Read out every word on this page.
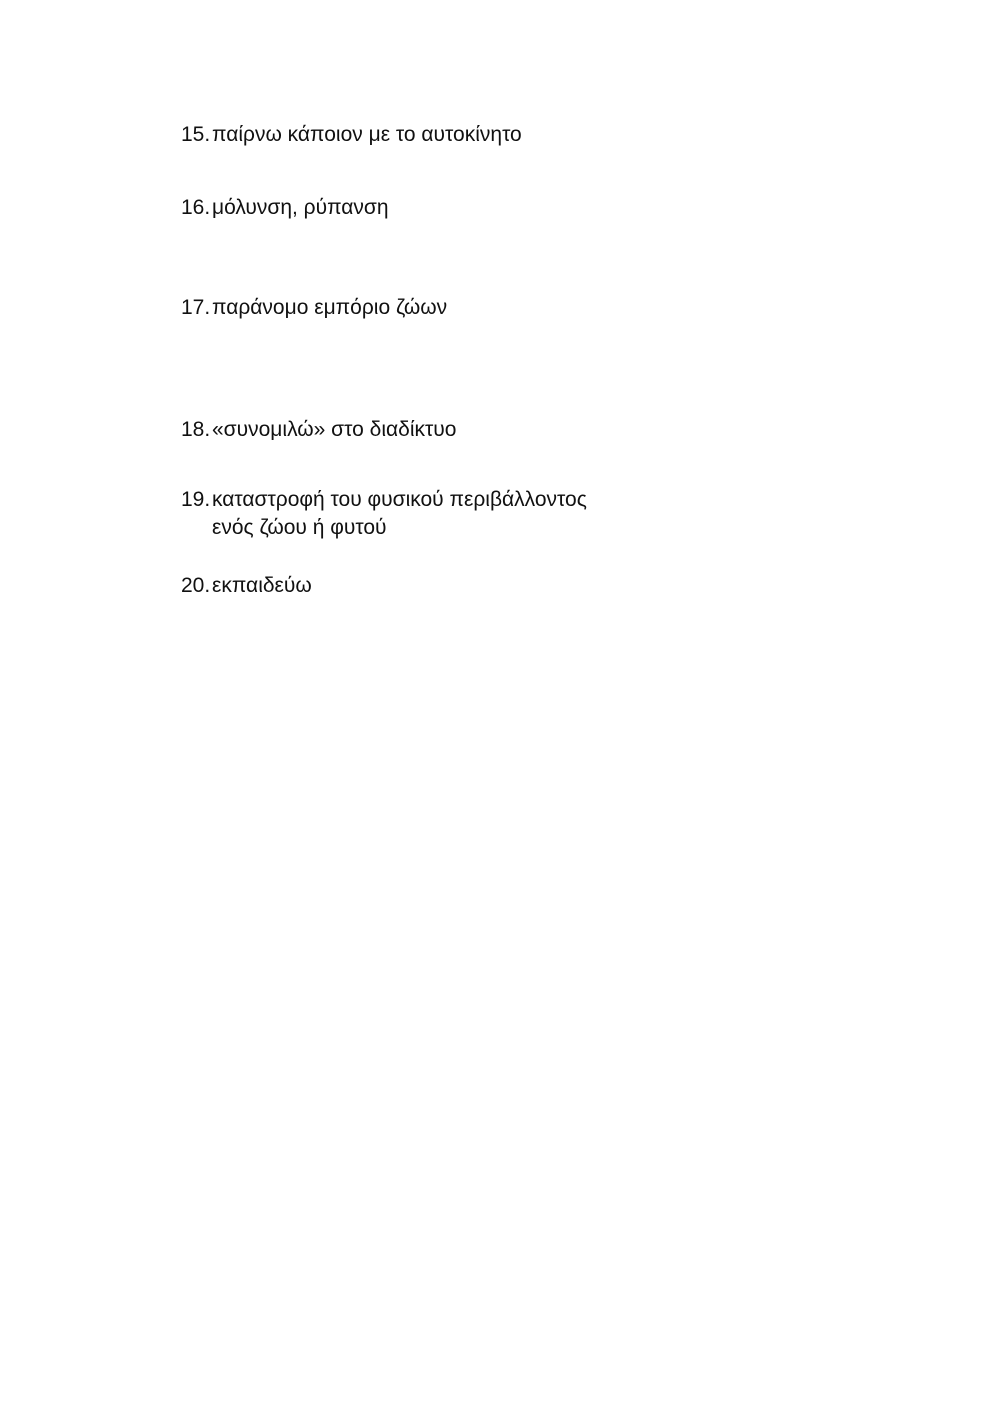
15. παίρνω κάποιον με το αυτοκίνητο
16. μόλυνση, ρύπανση
17. παράνομο εμπόριο ζώων
18. «συνομιλώ» στο διαδίκτυο
19. καταστροφή του φυσικού περιβάλλοντος
ενός ζώου ή φυτού
20. εκπαιδεύω
